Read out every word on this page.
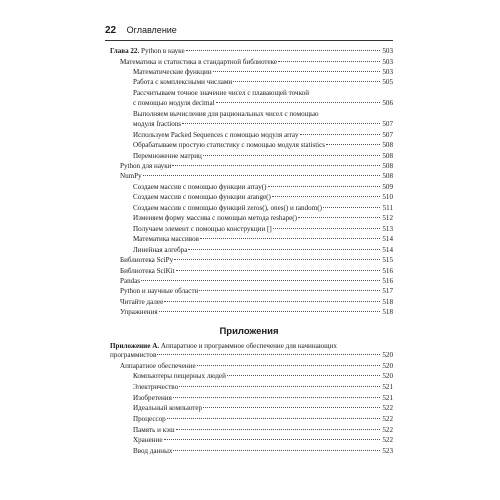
22 Оглавление
Глава 22. Python в науке	503
Математика и статистика в стандартной библиотеке	503
Математические функции	503
Работа с комплексными числами	505
Рассчитываем точное значение чисел с плавающей точкой
с помощью модуля decimal	506
Выполняем вычисления для рациональных чисел с помощью
модуля fractions	507
Используем Packed Sequences с помощью модуля array	507
Обрабатываем простую статистику с помощью модуля statistics	508
Перемножение матриц	508
Python для науки	508
NumPy	508
Создаем массив с помощью функции array()	509
Создаем массив с помощью функции arange()	510
Создаем массив с помощью функций zeros(), ones() и random()	511
Изменяем форму массива с помощью метода reshape()	512
Получаем элемент с помощью конструкции []	513
Математика массивов	514
Линейная алгебра	514
Библиотека SciPy	515
Библиотека SciKit	516
Pandas	516
Python и научные области	517
Читайте далее	518
Упражнения	518
Приложения
Приложение А. Аппаратное и программное обеспечение для начинающих
программистов	520
Аппаратное обеспечение	520
Компьютеры пещерных людей	520
Электричество	521
Изобретения	521
Идеальный компьютер	522
Процессор	522
Память и кэш	522
Хранение	522
Ввод данных	523
